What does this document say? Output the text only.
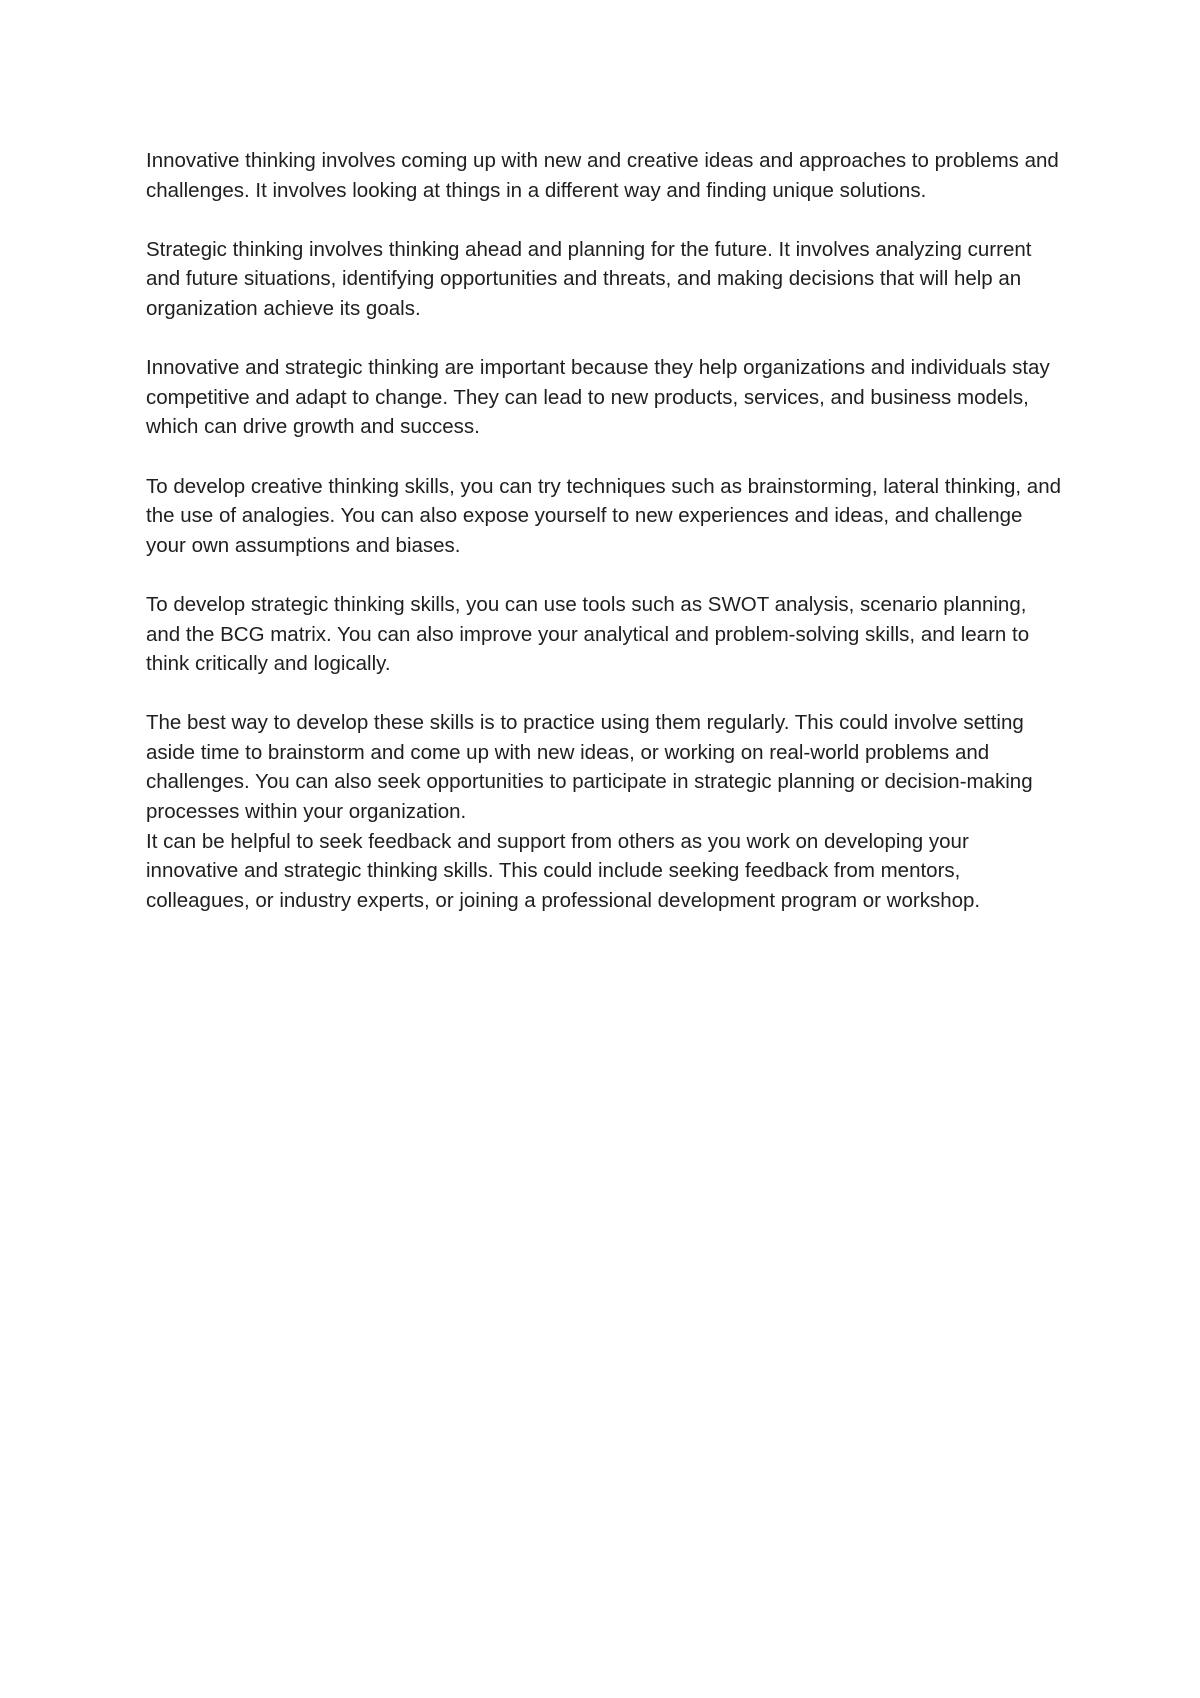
Innovative thinking involves coming up with new and creative ideas and approaches to problems and challenges. It involves looking at things in a different way and finding unique solutions.

Strategic thinking involves thinking ahead and planning for the future. It involves analyzing current and future situations, identifying opportunities and threats, and making decisions that will help an organization achieve its goals.

Innovative and strategic thinking are important because they help organizations and individuals stay competitive and adapt to change. They can lead to new products, services, and business models, which can drive growth and success.

To develop creative thinking skills, you can try techniques such as brainstorming, lateral thinking, and the use of analogies. You can also expose yourself to new experiences and ideas, and challenge your own assumptions and biases.

To develop strategic thinking skills, you can use tools such as SWOT analysis, scenario planning, and the BCG matrix. You can also improve your analytical and problem-solving skills, and learn to think critically and logically.

The best way to develop these skills is to practice using them regularly. This could involve setting aside time to brainstorm and come up with new ideas, or working on real-world problems and challenges. You can also seek opportunities to participate in strategic planning or decision-making processes within your organization.

It can be helpful to seek feedback and support from others as you work on developing your innovative and strategic thinking skills. This could include seeking feedback from mentors, colleagues, or industry experts, or joining a professional development program or workshop.
